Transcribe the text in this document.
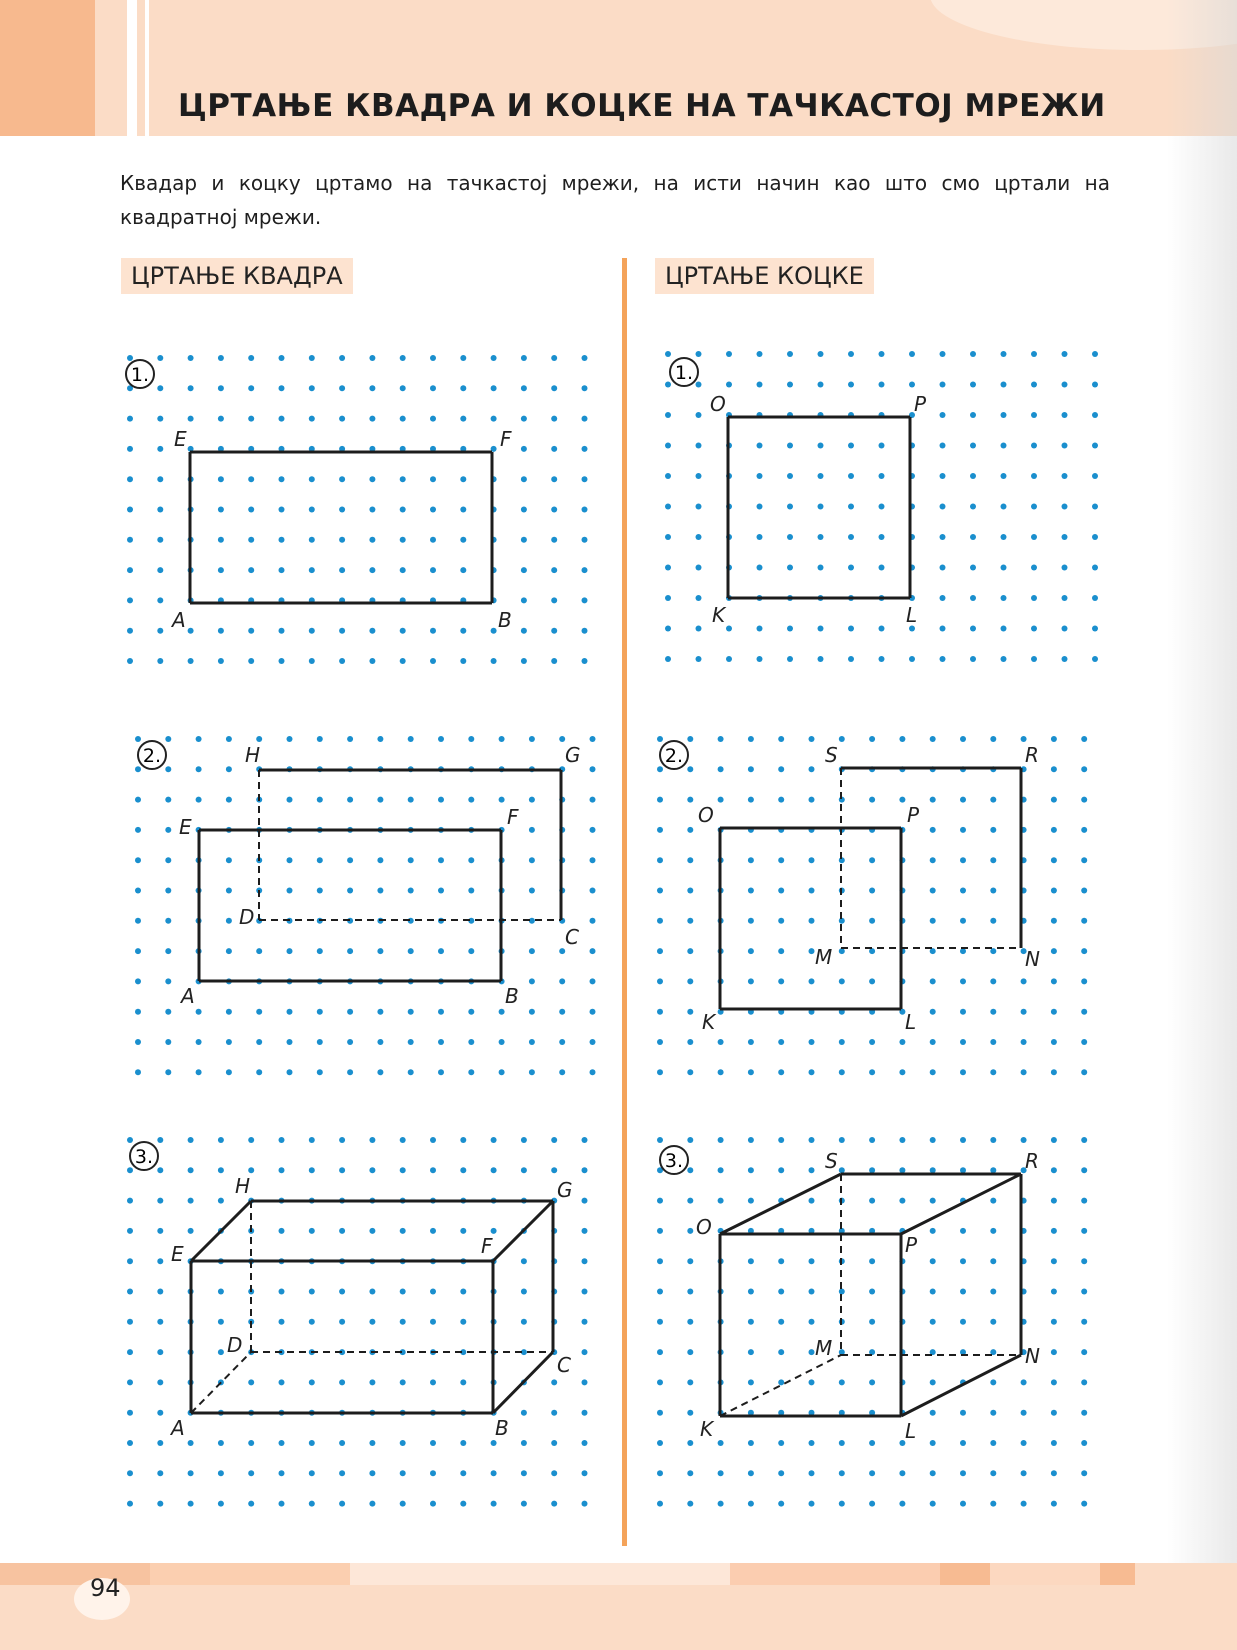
ЦРТАЊЕ КВАДРА И КОЦКЕ НА ТАЧКАСТОЈ МРЕЖИ

Квадар и коцку цртамо на тачкастој мрежи, на исти начин као што смо цртали на квадратној мрежи.

ЦРТАЊЕ КВАДРА	ЦРТАЊЕ КОЦКЕ
1.
E	F
A	B
2.	H	G
E	F
D
C
A	B
3.
H	G
E	F
D
C
A	B
1.
O	P
K	L
2.	S	R
O	P
M	N
K	L
3.	S	R
O
P
M	N
K	L
94
